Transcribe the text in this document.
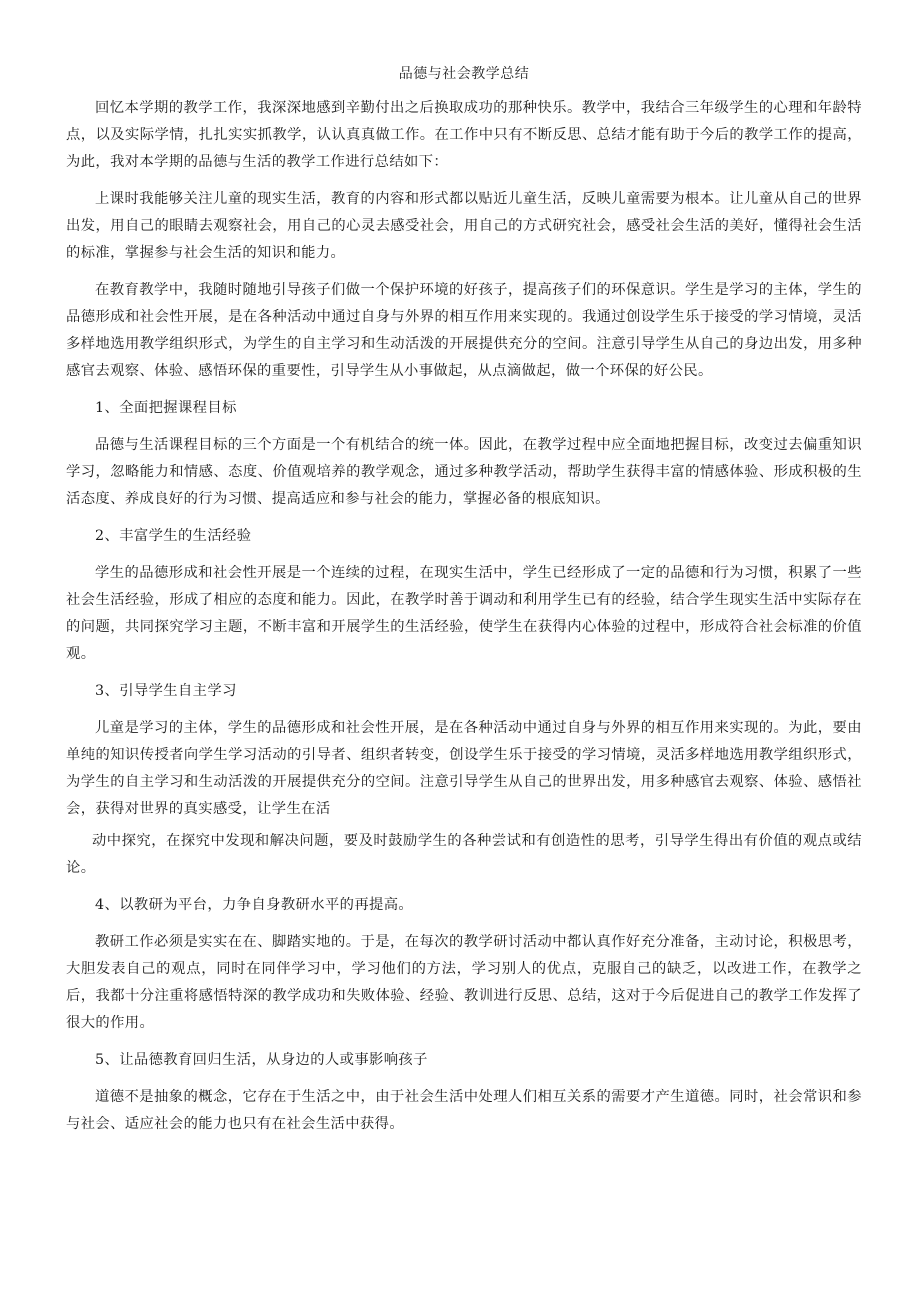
品德与社会教学总结

回忆本学期的教学工作，我深深地感到辛勤付出之后换取成功的那种快乐。教学中，我结合三年级学生的心理和年龄特点，以及实际学情，扎扎实实抓教学，认认真真做工作。在工作中只有不断反思、总结才能有助于今后的教学工作的提高，为此，我对本学期的品德与生活的教学工作进行总结如下：

上课时我能够关注儿童的现实生活，教育的内容和形式都以贴近儿童生活，反映儿童需要为根本。让儿童从自己的世界出发，用自己的眼睛去观察社会，用自己的心灵去感受社会，用自己的方式研究社会，感受社会生活的美好，懂得社会生活的标准，掌握参与社会生活的知识和能力。

在教育教学中，我随时随地引导孩子们做一个保护环境的好孩子，提高孩子们的环保意识。学生是学习的主体，学生的品德形成和社会性开展，是在各种活动中通过自身与外界的相互作用来实现的。我通过创设学生乐于接受的学习情境，灵活多样地选用教学组织形式，为学生的自主学习和生动活泼的开展提供充分的空间。注意引导学生从自己的身边出发，用多种感官去观察、体验、感悟环保的重要性，引导学生从小事做起，从点滴做起，做一个环保的好公民。

1、全面把握课程目标

品德与生活课程目标的三个方面是一个有机结合的统一体。因此，在教学过程中应全面地把握目标，改变过去偏重知识学习，忽略能力和情感、态度、价值观培养的教学观念，通过多种教学活动，帮助学生获得丰富的情感体验、形成积极的生活态度、养成良好的行为习惯、提高适应和参与社会的能力，掌握必备的根底知识。

2、丰富学生的生活经验

学生的品德形成和社会性开展是一个连续的过程，在现实生活中，学生已经形成了一定的品德和行为习惯，积累了一些社会生活经验，形成了相应的态度和能力。因此，在教学时善于调动和利用学生已有的经验，结合学生现实生活中实际存在的问题，共同探究学习主题，不断丰富和开展学生的生活经验，使学生在获得内心体验的过程中，形成符合社会标准的价值观。

3、引导学生自主学习

儿童是学习的主体，学生的品德形成和社会性开展，是在各种活动中通过自身与外界的相互作用来实现的。为此，要由单纯的知识传授者向学生学习活动的引导者、组织者转变，创设学生乐于接受的学习情境，灵活多样地选用教学组织形式，为学生的自主学习和生动活泼的开展提供充分的空间。注意引导学生从自己的世界出发，用多种感官去观察、体验、感悟社会，获得对世界的真实感受，让学生在活

动中探究，在探究中发现和解决问题，要及时鼓励学生的各种尝试和有创造性的思考，引导学生得出有价值的观点或结论。

4、以教研为平台，力争自身教研水平的再提高。

教研工作必须是实实在在、脚踏实地的。于是，在每次的教学研讨活动中都认真作好充分准备，主动讨论，积极思考，大胆发表自己的观点，同时在同伴学习中，学习他们的方法，学习别人的优点，克服自己的缺乏，以改进工作，在教学之后，我都十分注重将感悟特深的教学成功和失败体验、经验、教训进行反思、总结，这对于今后促进自己的教学工作发挥了很大的作用。

5、让品德教育回归生活，从身边的人或事影响孩子

道德不是抽象的概念，它存在于生活之中，由于社会生活中处理人们相互关系的需要才产生道德。同时，社会常识和参与社会、适应社会的能力也只有在社会生活中获得。
